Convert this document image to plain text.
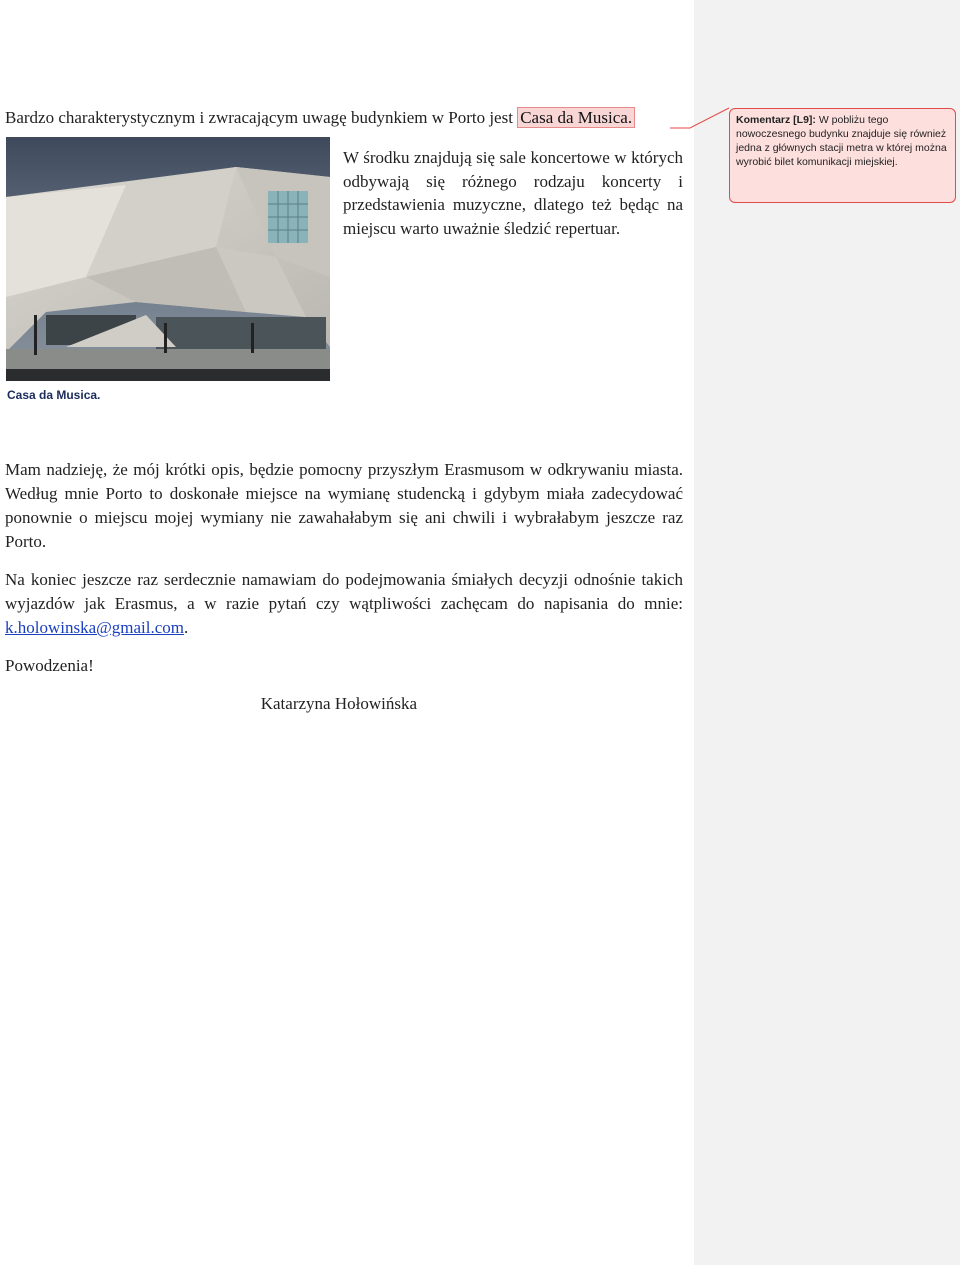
Bardzo charakterystycznym i zwracającym uwagę budynkiem w Porto jest Casa da Musica.

W środku znajdują się sale koncertowe w których odbywają się różnego rodzaju koncerty i przedstawienia muzyczne, dlatego też będąc na miejscu warto uważnie śledzić repertuar.

Casa da Musica.

Mam nadzieję, że mój krótki opis, będzie pomocny przyszłym Erasmusom w odkrywaniu miasta. Według mnie Porto to doskonałe miejsce na wymianę studencką i gdybym miała zadecydować ponownie o miejscu mojej wymiany nie zawahałabym się ani chwili i wybrałabym jeszcze raz Porto.

Na koniec jeszcze raz serdecznie namawiam do podejmowania śmiałych decyzji odnośnie takich wyjazdów jak Erasmus, a w razie pytań czy wątpliwości zachęcam do napisania do mnie: k.holowinska@gmail.com.

Powodzenia!

Katarzyna Hołowińska
Komentarz [L9]: W pobliżu tego nowoczesnego budynku znajduje się również jedna z głównych stacji metra w której można wyrobić bilet komunikacji miejskiej.
